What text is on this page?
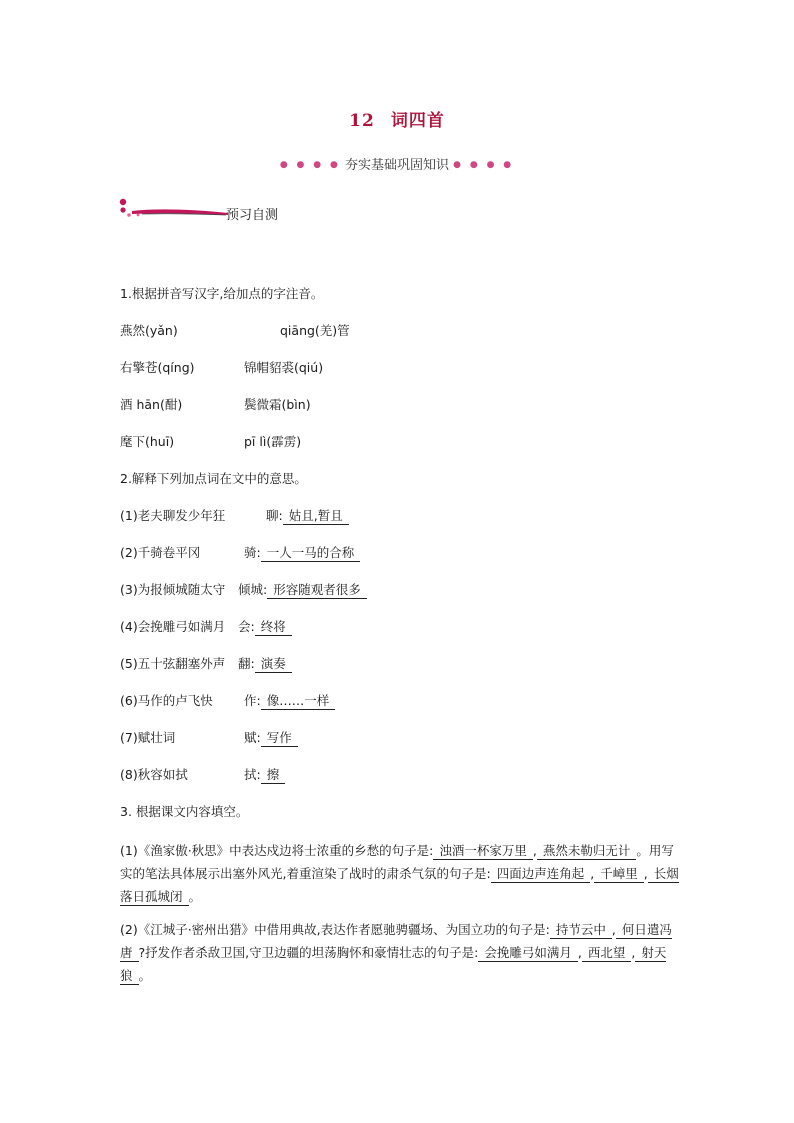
12 词四首
● ● ● ● 夯实基础巩固知识 ● ● ● ●
预习自测
1.根据拼音写汉字,给加点的字注音。
燕然(yǎn)	qiāng(羌)管
右擎苍(qíng)	锦帽貂裘(qiú)
酒 hān(酣)	鬓微霜(bìn)
麾下(huī)	pī lì(霹雳)
2.解释下列加点词在文中的意思。
(1)老夫聊发少年狂	聊: 姑且,暂且
(2)千骑卷平冈	骑: 一人一马的合称
(3)为报倾城随太守 倾城: 形容随观者很多
(4)会挽雕弓如满月 会: 终将
(5)五十弦翻塞外声 翻: 演奏
(6)马作的卢飞快	作: 像……一样
(7)赋壮词	赋: 写作
(8)秋容如拭	拭: 擦
3. 根据课文内容填空。

(1)《渔家傲·秋思》中表达戍边将士浓重的乡愁的句子是: 浊酒一杯家万里 , 燕然未勒归无计 。用写实的笔法具体展示出塞外风光,着重渲染了战时的肃杀气氛的句子是: 四面边声连角起 , 千嶂里 , 长烟落日孤城闭 。

(2)《江城子·密州出猎》中借用典故,表达作者愿驰骋疆场、为国立功的句子是: 持节云中 , 何日遣冯唐 ?抒发作者杀敌卫国,守卫边疆的坦荡胸怀和豪情壮志的句子是: 会挽雕弓如满月 , 西北望 , 射天狼 。
